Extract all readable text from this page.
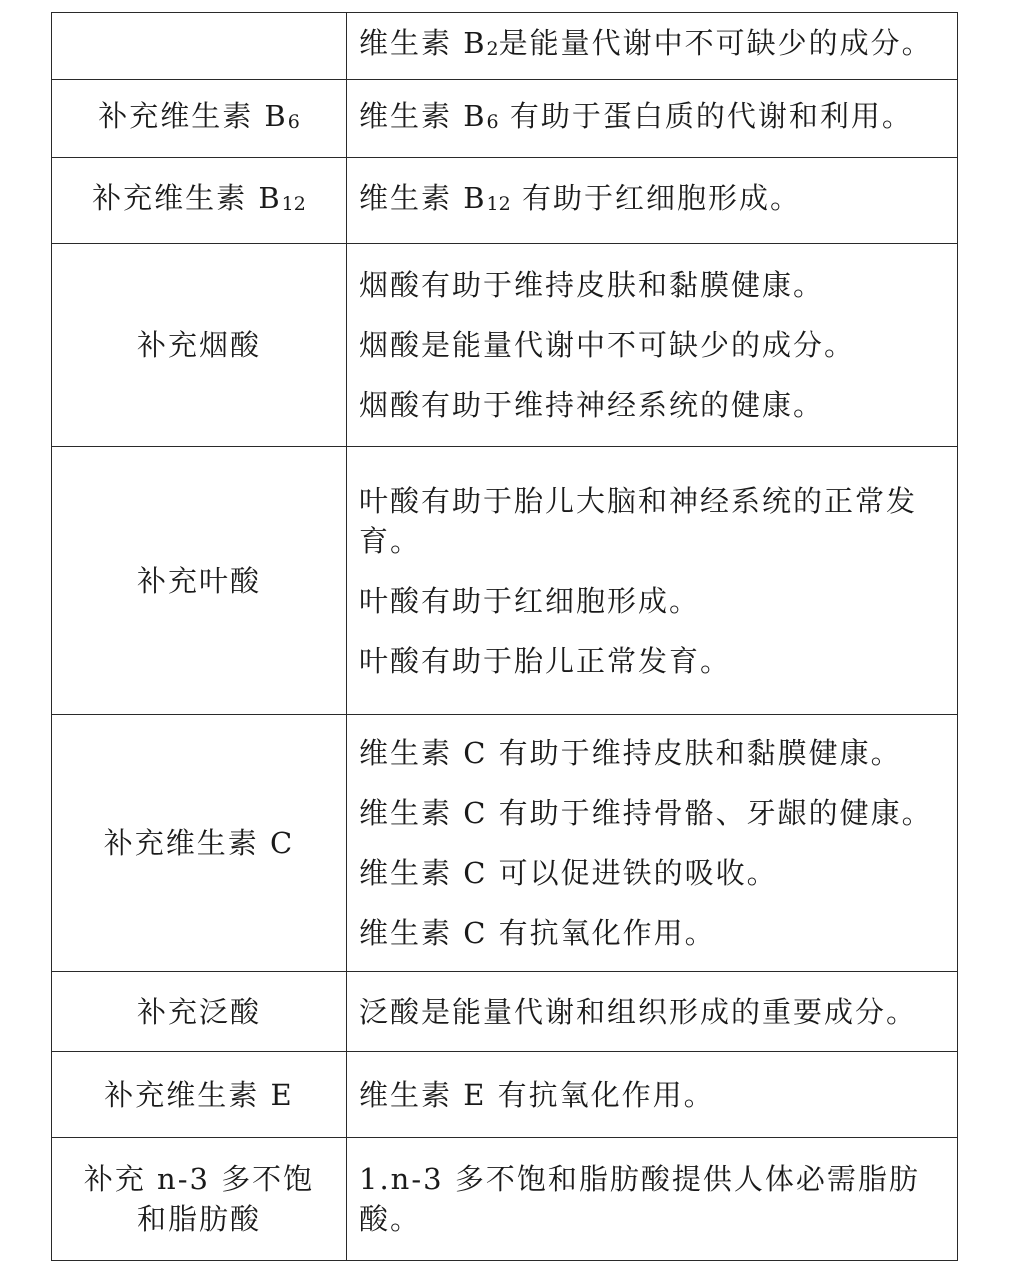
	维生素 $B_2$是能量代谢中不可缺少的成分。

补充维生素 $B_6$	维生素 $B_6$ 有助于蛋白质的代谢和利用。

补充维生素 $B_{12}$	维生素 $B_{12}$ 有助于红细胞形成。

补充烟酸	烟酸有助于维持皮肤和黏膜健康。
烟酸是能量代谢中不可缺少的成分。
烟酸有助于维持神经系统的健康。

补充叶酸	叶酸有助于胎儿大脑和神经系统的正常发育。
叶酸有助于红细胞形成。
叶酸有助于胎儿正常发育。

补充维生素 C	维生素 C 有助于维持皮肤和黏膜健康。
维生素 C 有助于维持骨骼、牙龈的健康。
维生素 C 可以促进铁的吸收。
维生素 C 有抗氧化作用。

补充泛酸	泛酸是能量代谢和组织形成的重要成分。

补充维生素 E	维生素 E 有抗氧化作用。

补充 n-3 多不饱和脂肪酸	1.n-3 多不饱和脂肪酸提供人体必需脂肪酸。
